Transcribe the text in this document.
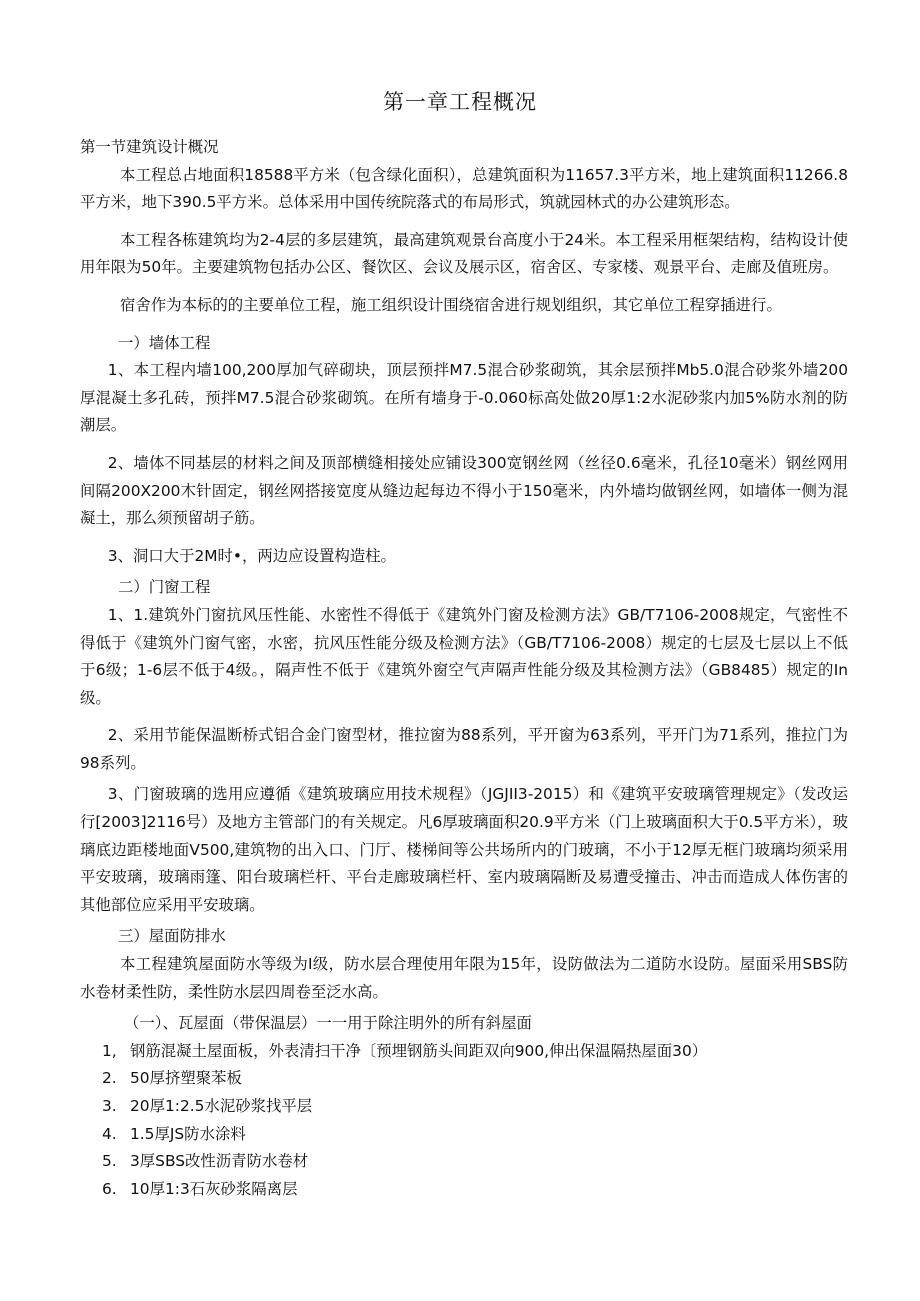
第一章工程概况

第一节建筑设计概况

本工程总占地面积18588平方米（包含绿化面积），总建筑面积为11657.3平方米，地上建筑面积11266.8平方米，地下390.5平方米。总体采用中国传统院落式的布局形式，筑就园林式的办公建筑形态。

本工程各栋建筑均为2-4层的多层建筑，最高建筑观景台高度小于24米。本工程采用框架结构，结构设计使用年限为50年。主要建筑物包括办公区、餐饮区、会议及展示区，宿舍区、专家楼、观景平台、走廊及值班房。

宿舍作为本标的的主要单位工程，施工组织设计围绕宿舍进行规划组织，其它单位工程穿插进行。

一）墙体工程

1、本工程内墙100,200厚加气碎砌块，顶层预拌M7.5混合砂浆砌筑，其余层预拌Mb5.0混合砂浆外墙200厚混凝土多孔砖，预拌M7.5混合砂浆砌筑。在所有墙身于-0.060标高处做20厚1:2水泥砂浆内加5%防水剂的防潮层。

2、墙体不同基层的材料之间及顶部横缝相接处应铺设300宽钢丝网（丝径0.6毫米，孔径10毫米）钢丝网用间隔200X200木针固定，钢丝网搭接宽度从缝边起每边不得小于150毫米，内外墙均做钢丝网，如墙体一侧为混凝土，那么须预留胡子筋。

3、洞口大于2M时•，两边应设置构造柱。

二）门窗工程

1、1.建筑外门窗抗风压性能、水密性不得低于《建筑外门窗及检测方法》GB/T7106-2008规定，气密性不得低于《建筑外门窗气密，水密，抗风压性能分级及检测方法》（GB/T7106-2008）规定的七层及七层以上不低于6级；1-6层不低于4级。，隔声性不低于《建筑外窗空气声隔声性能分级及其检测方法》（GB8485）规定的In级。

2、采用节能保温断桥式铝合金门窗型材，推拉窗为88系列，平开窗为63系列，平开门为71系列，推拉门为98系列。

3、门窗玻璃的选用应遵循《建筑玻璃应用技术规程》（JGJII3-2015）和《建筑平安玻璃管理规定》（发改运行[2003]2116号）及地方主管部门的有关规定。凡6厚玻璃面积20.9平方米（门上玻璃面积大于0.5平方米），玻璃底边距楼地面V500,建筑物的出入口、门厅、楼梯间等公共场所内的门玻璃，不小于12厚无框门玻璃均须采用平安玻璃，玻璃雨篷、阳台玻璃栏杆、平台走廊玻璃栏杆、室内玻璃隔断及易遭受撞击、冲击而造成人体伤害的其他部位应采用平安玻璃。

三）屋面防排水

本工程建筑屋面防水等级为I级，防水层合理使用年限为15年，设防做法为二道防水设防。屋面采用SBS防水卷材柔性防，柔性防水层四周卷至泛水高。

（一）、瓦屋面（带保温层）一一用于除注明外的所有斜屋面

1, 钢筋混凝土屋面板，外表清扫干净〔预埋钢筋头间距双向900,伸出保温隔热屋面30）
2. 50厚挤塑聚苯板
3. 20厚1:2.5水泥砂浆找平层
4. 1.5厚JS防水涂料
5. 3厚SBS改性沥青防水卷材
6. 10厚1:3石灰砂浆隔离层
